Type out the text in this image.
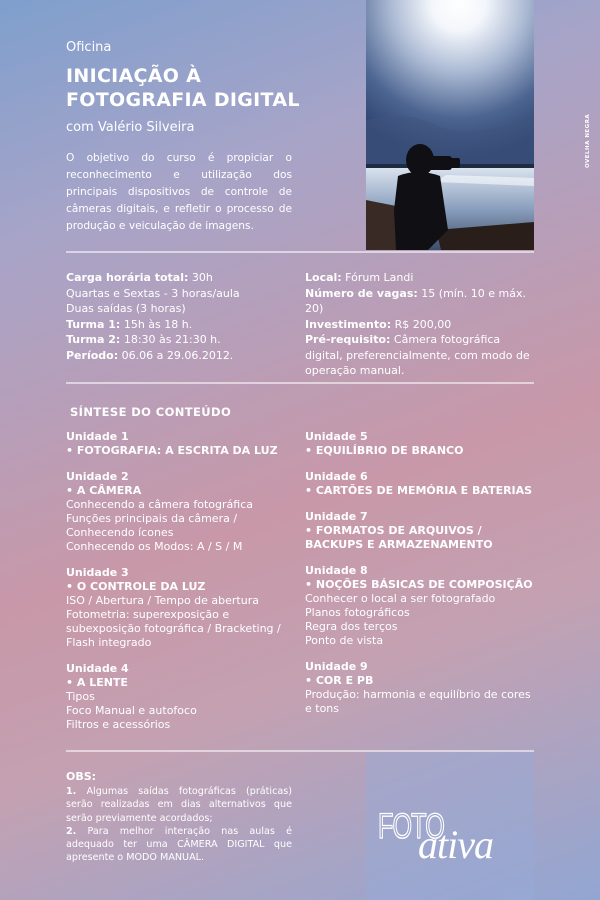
Oficina
INICIAÇÃO À
FOTOGRAFIA DIGITAL
com Valério Silveira
O objetivo do curso é propiciar o reconhecimento e utilização dos principais dispositivos de controle de câmeras digitais, e refletir o processo de produção e veiculação de imagens.
OVELHA NEGRA
Carga horária total: 30h
Quartas e Sextas - 3 horas/aula
Duas saídas (3 horas)
Turma 1: 15h às 18 h.
Turma 2: 18:30 às 21:30 h.
Período: 06.06 a 29.06.2012.
Local: Fórum Landi
Número de vagas: 15 (mín. 10 e máx. 20)
Investimento: R$ 200,00
Pré-requisito: Câmera fotográfica digital, preferencialmente, com modo de operação manual.
SÍNTESE DO CONTEÚDO
Unidade 1
• FOTOGRAFIA: A ESCRITA DA LUZ
Unidade 2
• A CÂMERA
Conhecendo a câmera fotográfica
Funções principais da câmera / Conhecendo ícones
Conhecendo os Modos: A / S / M
Unidade 3
• O CONTROLE DA LUZ
ISO / Abertura / Tempo de abertura
Fotometria: superexposição e subexposição fotográfica / Bracketing / Flash integrado
Unidade 4
• A LENTE
Tipos
Foco Manual e autofoco
Filtros e acessórios
Unidade 5
• EQUILÍBRIO DE BRANCO
Unidade 6
• CARTÕES DE MEMÓRIA E BATERIAS
Unidade 7
• FORMATOS DE ARQUIVOS / BACKUPS E ARMAZENAMENTO
Unidade 8
• NOÇÕES BÁSICAS DE COMPOSIÇÃO
Conhecer o local a ser fotografado
Planos fotográficos
Regra dos terços
Ponto de vista
Unidade 9
• COR E PB
Produção: harmonia e equilíbrio de cores e tons
OBS:
1. Algumas saídas fotográficas (práticas) serão realizadas em dias alternativos que serão previamente acordados;
2. Para melhor interação nas aulas é adequado ter uma CÂMERA DIGITAL que apresente o MODO MANUAL.
FOTO
ativa
